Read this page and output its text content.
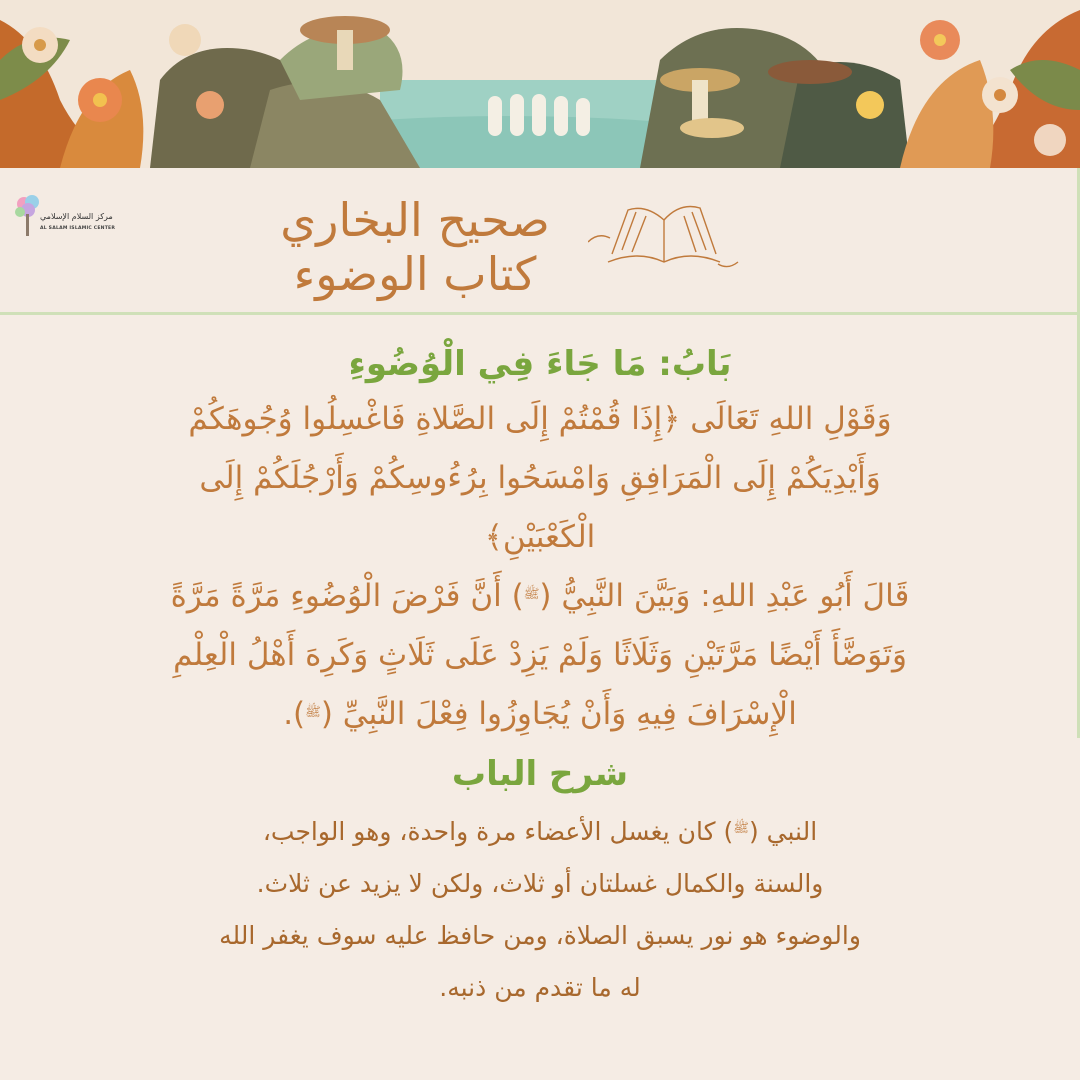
مركز السلام الإسلامي
AL SALAM ISLAMIC CENTER	صحيح البخاري
كتاب الوضوء

بَابُ: مَا جَاءَ فِي الْوُضُوءِ

وَقَوْلِ اللهِ تَعَالَى ﴿إِذَا قُمْتُمْ إِلَى الصَّلاةِ فَاغْسِلُوا وُجُوهَكُمْ

وَأَيْدِيَكُمْ إِلَى الْمَرَافِقِ وَامْسَحُوا بِرُءُوسِكُمْ وَأَرْجُلَكُمْ إِلَى

الْكَعْبَيْنِ﴾

قَالَ أَبُو عَبْدِ اللهِ: وَبَيَّنَ النَّبِيُّ (ﷺ) أَنَّ فَرْضَ الْوُضُوءِ مَرَّةً مَرَّةً

وَتَوَضَّأَ أَيْضًا مَرَّتَيْنِ وَثَلَاثًا وَلَمْ يَزِدْ عَلَى ثَلَاثٍ وَكَرِهَ أَهْلُ الْعِلْمِ

الْإِسْرَافَ فِيهِ وَأَنْ يُجَاوِزُوا فِعْلَ النَّبِيِّ (ﷺ).

شرح الباب

النبي (ﷺ) كان يغسل الأعضاء مرة واحدة، وهو الواجب،

والسنة والكمال غسلتان أو ثلاث، ولكن لا يزيد عن ثلاث.

والوضوء هو نور يسبق الصلاة، ومن حافظ عليه سوف يغفر الله

له ما تقدم من ذنبه.
